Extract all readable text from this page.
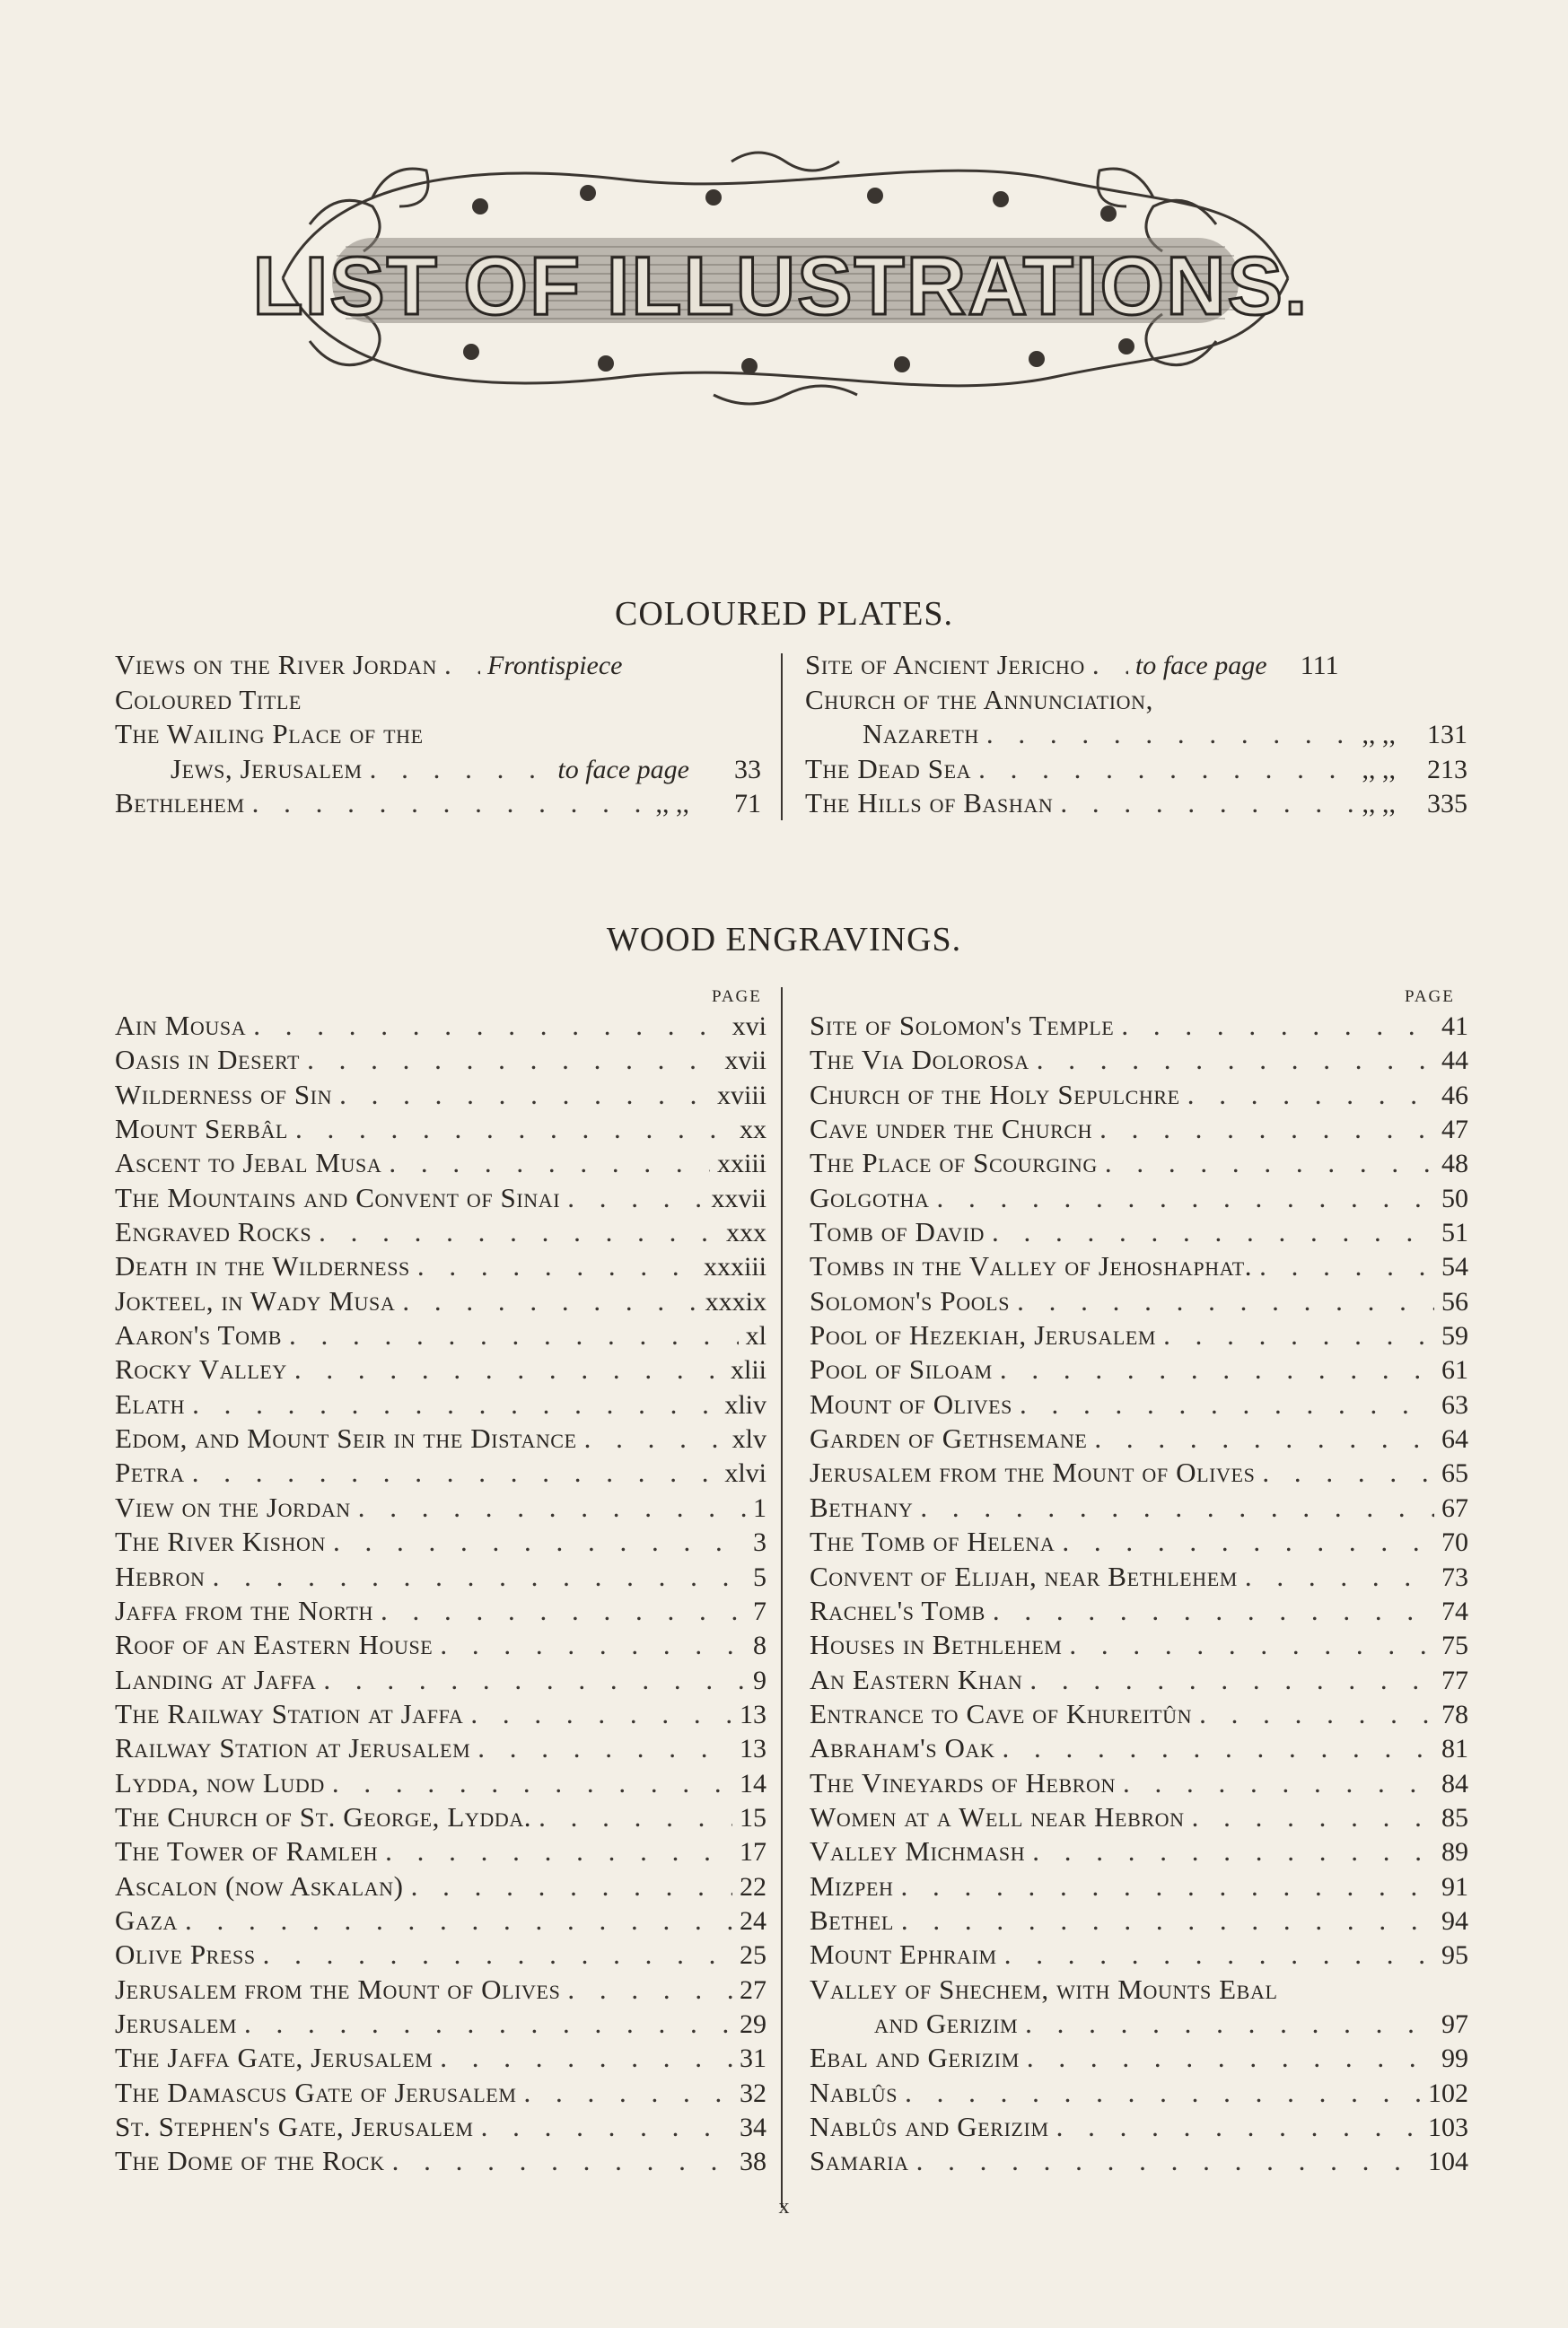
LIST OF ILLUSTRATIONS.
COLOURED PLATES.
Views on the River Jordan . . . Frontispiece
Coloured Title
The Wailing Place of the
Jews, Jerusalem . . .	to face page	33
Bethlehem . . .	,, ,,	71
Site of Ancient Jericho . . . to face page	111
Church of the Annunciation,
Nazareth . . .	,, ,,	131
The Dead Sea . . .	,, ,,	213
The Hills of Bashan . . .	,, ,,	335
WOOD ENGRAVINGS.
PAGE	PAGE
Ain Mousa . . .	xvi
Oasis in Desert . . .	xvii
Wilderness of Sin . . .	xviii
Mount Serbâl . . .	xx
Ascent to Jebal Musa . . .	xxiii
The Mountains and Convent of Sinai . . .	xxvii
Engraved Rocks . . .	xxx
Death in the Wilderness . . .	xxxiii
Jokteel, in Wady Musa . . .	xxxix
Aaron's Tomb . . .	xl
Rocky Valley . . .	xlii
Elath . . .	xliv
Edom, and Mount Seir in the Distance . . .	xlv
Petra . . .	xlvi
View on the Jordan . . .	1
The River Kishon . . .	3
Hebron . . .	5
Jaffa from the North . . .	7
Roof of an Eastern House . . .	8
Landing at Jaffa . . .	9
The Railway Station at Jaffa . . .	13
Railway Station at Jerusalem . . .	13
Lydda, now Ludd . . .	14
The Church of St. George, Lydda. . . .	15
The Tower of Ramleh . . .	17
Ascalon (now Askalan) . . .	22
Gaza . . .	24
Olive Press . . .	25
Jerusalem from the Mount of Olives . . .	27
Jerusalem . . .	29
The Jaffa Gate, Jerusalem . . .	31
The Damascus Gate of Jerusalem . . .	32
St. Stephen's Gate, Jerusalem . . .	34
The Dome of the Rock . . .	38
Site of Solomon's Temple . . .	41
The Via Dolorosa . . .	44
Church of the Holy Sepulchre . . .	46
Cave under the Church . . .	47
The Place of Scourging . . .	48
Golgotha . . .	50
Tomb of David . . .	51
Tombs in the Valley of Jehoshaphat. . . .	54
Solomon's Pools . . .	56
Pool of Hezekiah, Jerusalem . . .	59
Pool of Siloam . . .	61
Mount of Olives . . .	63
Garden of Gethsemane . . .	64
Jerusalem from the Mount of Olives . . .	65
Bethany . . .	67
The Tomb of Helena . . .	70
Convent of Elijah, near Bethlehem . . .	73
Rachel's Tomb . . .	74
Houses in Bethlehem . . .	75
An Eastern Khan . . .	77
Entrance to Cave of Khureitûn . . .	78
Abraham's Oak . . .	81
The Vineyards of Hebron . . .	84
Women at a Well near Hebron . . .	85
Valley Michmash . . .	89
Mizpeh . . .	91
Bethel . . .	94
Mount Ephraim . . .	95
Valley of Shechem, with Mounts Ebal
and Gerizim . . .	97
Ebal and Gerizim . . .	99
Nablûs . . .	102
Nablûs and Gerizim . . .	103
Samaria . . .	104
x
